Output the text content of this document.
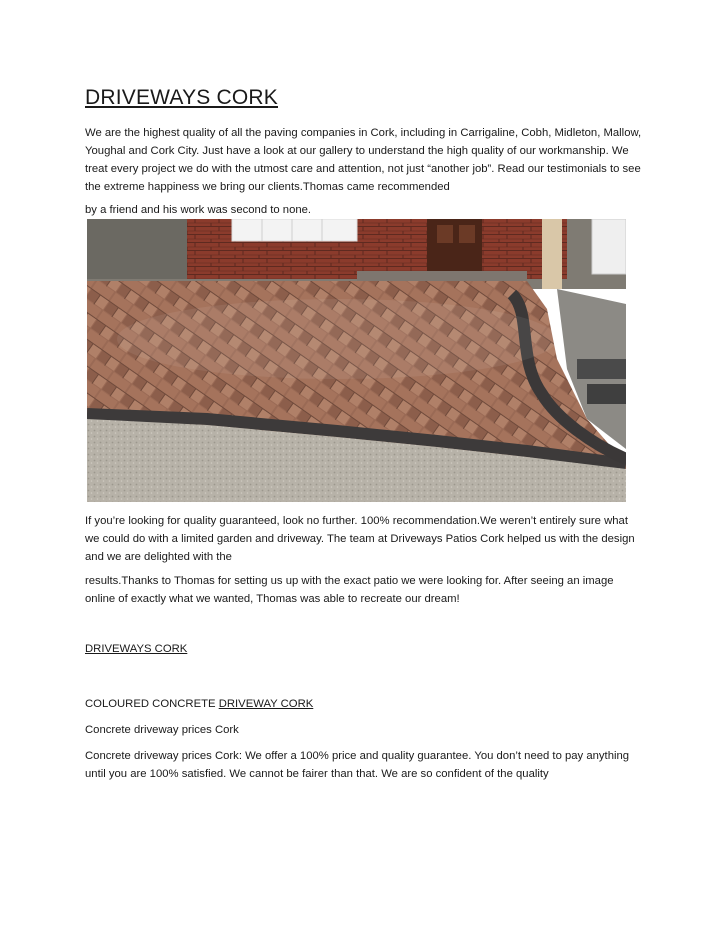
DRIVEWAYS CORK

We are the highest quality of all the paving companies in Cork, including in Carrigaline, Cobh, Midleton, Mallow, Youghal and Cork City. Just have a look at our gallery to understand the high quality of our workmanship. We treat every project we do with the utmost care and attention, not just “another job”. Read our testimonials to see the extreme happiness we bring our clients.Thomas came recommended

by a friend and his work was second to none.

If you’re looking for quality guaranteed, look no further. 100% recommendation.We weren’t entirely sure what we could do with a limited garden and driveway. The team at Driveways Patios Cork helped us with the design and we are delighted with the

results.Thanks to Thomas for setting us up with the exact patio we were looking for. After seeing an image online of exactly what we wanted, Thomas was able to recreate our dream!

DRIVEWAYS CORK

COLOURED CONCRETE DRIVEWAY CORK

Concrete driveway prices Cork

Concrete driveway prices Cork: We offer a 100% price and quality guarantee. You don’t need to pay anything until you are 100% satisfied. We cannot be fairer than that. We are so confident of the quality
